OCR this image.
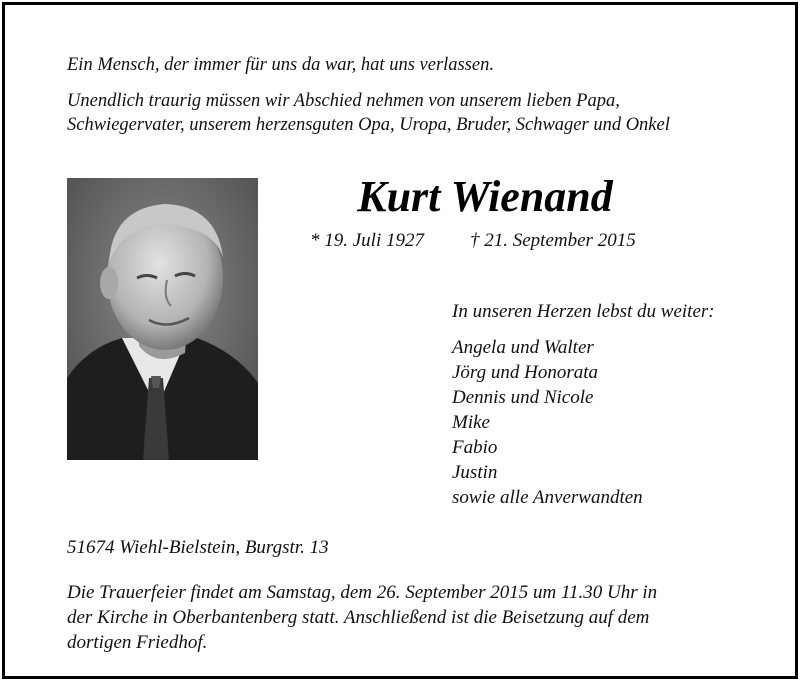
Ein Mensch, der immer für uns da war, hat uns verlassen.

Unendlich traurig müssen wir Abschied nehmen von unserem lieben Papa,

Schwiegervater, unserem herzensguten Opa, Uropa, Bruder, Schwager und Onkel

Kurt Wienand
* 19. Juli 1927 † 21. September 2015

In unseren Herzen lebst du weiter:

Angela und Walter
Jörg und Honorata
Dennis und Nicole
Mike
Fabio
Justin
sowie alle Anverwandten

51674 Wiehl-Bielstein, Burgstr. 13

Die Trauerfeier findet am Samstag, dem 26. September 2015 um 11.30 Uhr in

der Kirche in Oberbantenberg statt. Anschließend ist die Beisetzung auf dem

dortigen Friedhof.
